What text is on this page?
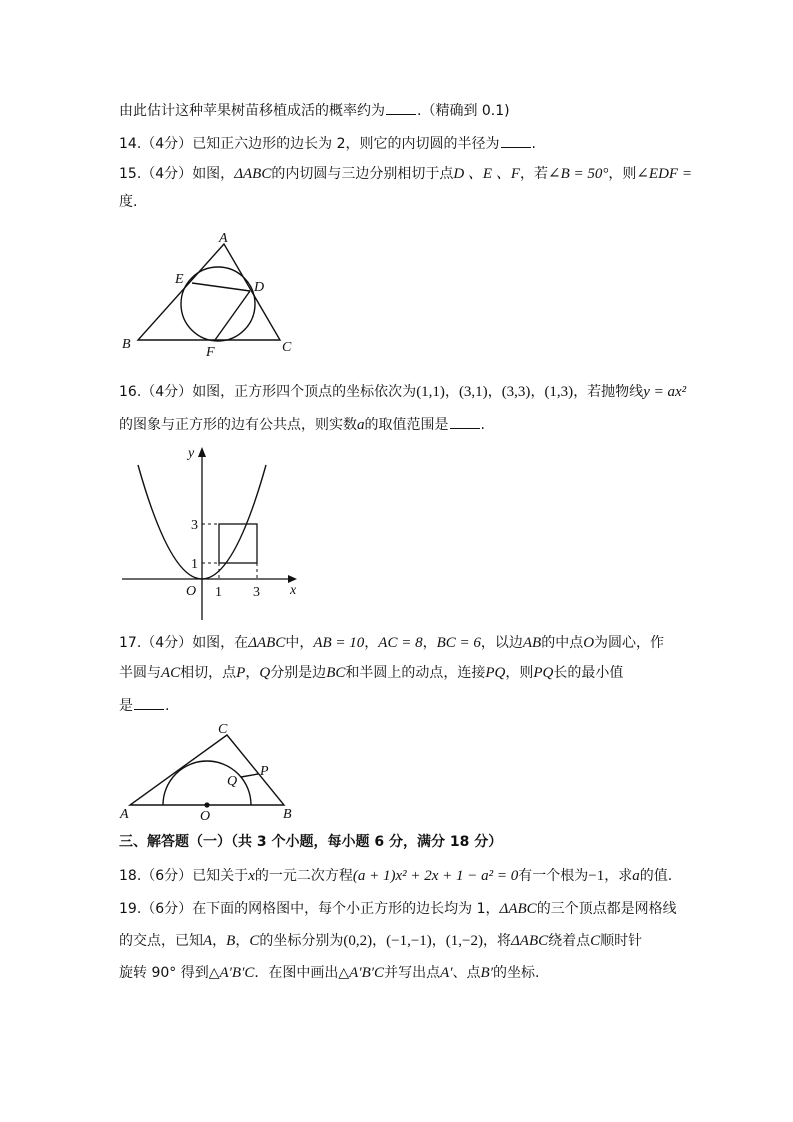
由此估计这种苹果树苗移植成活的概率约为 .（精确到 0.1)
14.（4分）已知正六边形的边长为 2，则它的内切圆的半径为 .
15.（4分）如图，ΔABC的内切圆与三边分别相切于点D 、E 、F，若∠B = 50°，则∠EDF =
度.
A
E
D
B
F	C
16.（4分）如图，正方形四个顶点的坐标依次为(1,1)，(3,1)，(3,3)，(1,3)，若抛物线y = ax²
的图象与正方形的边有公共点，则实数a的取值范围是 .
y
x
O 1 3
1
3
17.（4分）如图，在ΔABC中，AB = 10，AC = 8，BC = 6，以边AB的中点O为圆心，作
半圆与AC相切，点P，Q分别是边BC和半圆上的动点，连接PQ，则PQ长的最小值
是 .
C
P
Q
A	O	B
三、解答题（一）（共 3 个小题，每小题 6 分，满分 18 分）
18.（6分）已知关于x的一元二次方程(a + 1)x² + 2x + 1 − a² = 0有一个根为−1，求a的值.
19.（6分）在下面的网格图中，每个小正方形的边长均为 1，ΔABC的三个顶点都是网格线
的交点，已知A，B，C的坐标分别为(0,2)，(−1,−1)，(1,−2)，将ΔABC绕着点C顺时针
旋转 90° 得到△A′B′C．在图中画出△A′B′C并写出点A′、点B′的坐标.
